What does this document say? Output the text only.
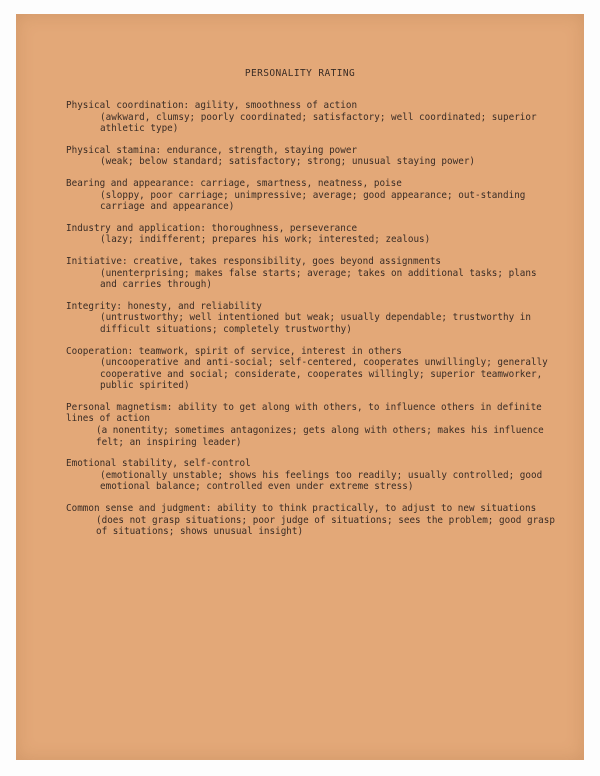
PERSONALITY RATING
Physical coordination: agility, smoothness of action
(awkward, clumsy; poorly coordinated; satisfactory; well coordinated; superior athletic type)
Physical stamina: endurance, strength, staying power
(weak; below standard; satisfactory; strong; unusual staying power)
Bearing and appearance: carriage, smartness, neatness, poise
(sloppy, poor carriage; unimpressive; average; good appearance; out-standing carriage and appearance)
Industry and application: thoroughness, perseverance
(lazy; indifferent; prepares his work; interested; zealous)
Initiative: creative, takes responsibility, goes beyond assignments
(unenterprising; makes false starts; average; takes on additional tasks; plans and carries through)
Integrity: honesty, and reliability
(untrustworthy; well intentioned but weak; usually dependable; trustworthy in difficult situations; completely trustworthy)
Cooperation: teamwork, spirit of service, interest in others
(uncooperative and anti-social; self-centered, cooperates unwillingly; generally cooperative and social; considerate, cooperates willingly; superior teamworker, public spirited)
Personal magnetism: ability to get along with others, to influence others in definite lines of action
(a nonentity; sometimes antagonizes; gets along with others; makes his influence felt; an inspiring leader)
Emotional stability, self-control
(emotionally unstable; shows his feelings too readily; usually controlled; good emotional balance; controlled even under extreme stress)
Common sense and judgment: ability to think practically, to adjust to new situations
(does not grasp situations; poor judge of situations; sees the problem; good grasp of situations; shows unusual insight)
